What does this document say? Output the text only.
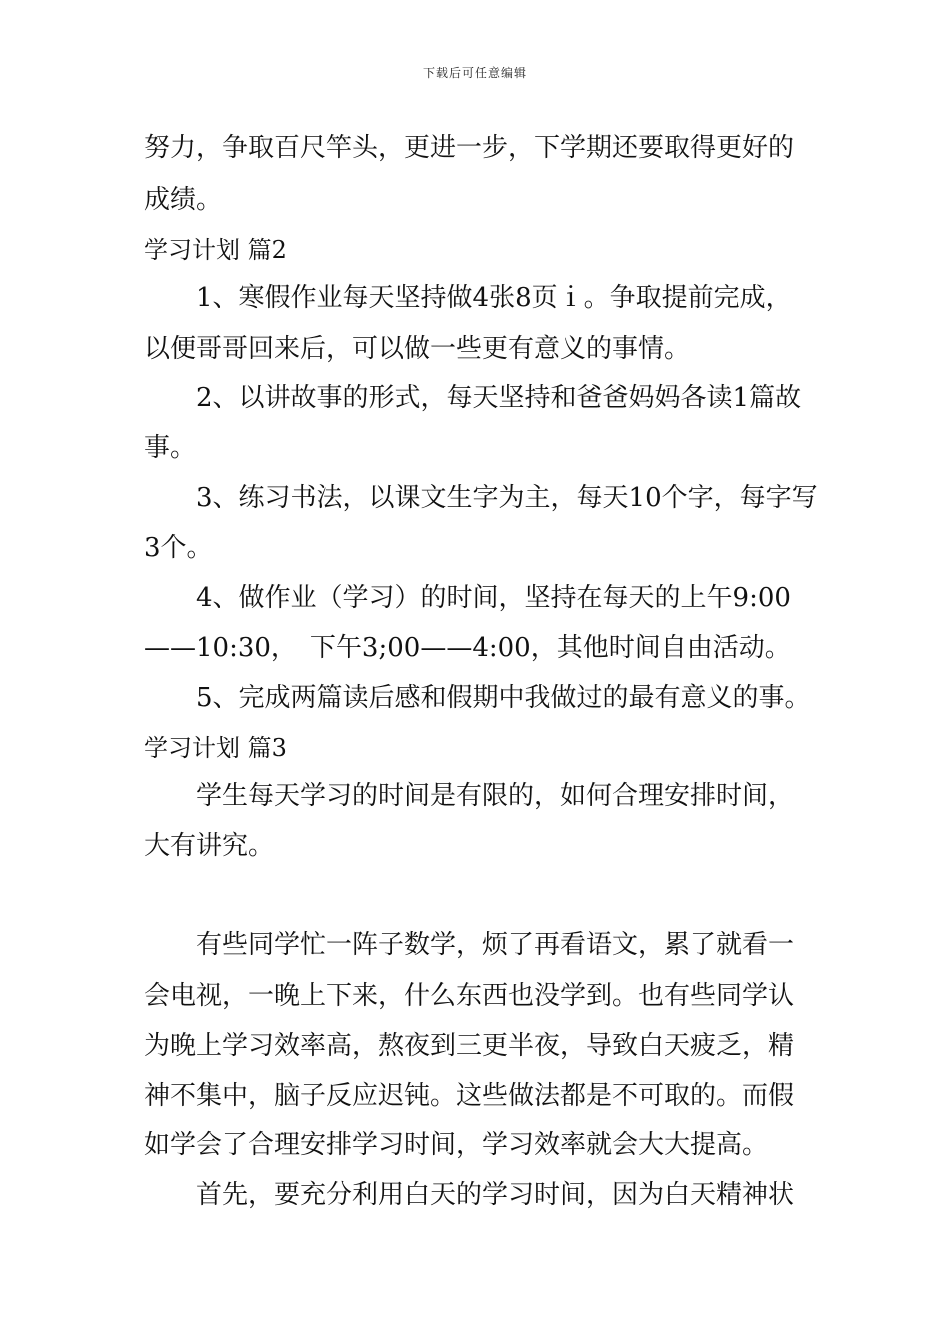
下载后可任意编辑
努力，争取百尺竿头，更进一步，下学期还要取得更好的
成绩。
学习计划 篇2
1、寒假作业每天坚持做4张8页ｉ。争取提前完成，
以便哥哥回来后，可以做一些更有意义的事情。
2、以讲故事的形式，每天坚持和爸爸妈妈各读1篇故
事。
3、练习书法，以课文生字为主，每天10个字，每字写
3个。
4、做作业（学习）的时间，坚持在每天的上午9:00
——10:30，　下午3;00——4:00，其他时间自由活动。
5、完成两篇读后感和假期中我做过的最有意义的事。
学习计划 篇3
学生每天学习的时间是有限的，如何合理安排时间，
大有讲究。
有些同学忙一阵子数学，烦了再看语文，累了就看一
会电视，一晚上下来，什么东西也没学到。也有些同学认
为晚上学习效率高，熬夜到三更半夜，导致白天疲乏，精
神不集中，脑子反应迟钝。这些做法都是不可取的。而假
如学会了合理安排学习时间，学习效率就会大大提高。
首先，要充分利用白天的学习时间，因为白天精神状
